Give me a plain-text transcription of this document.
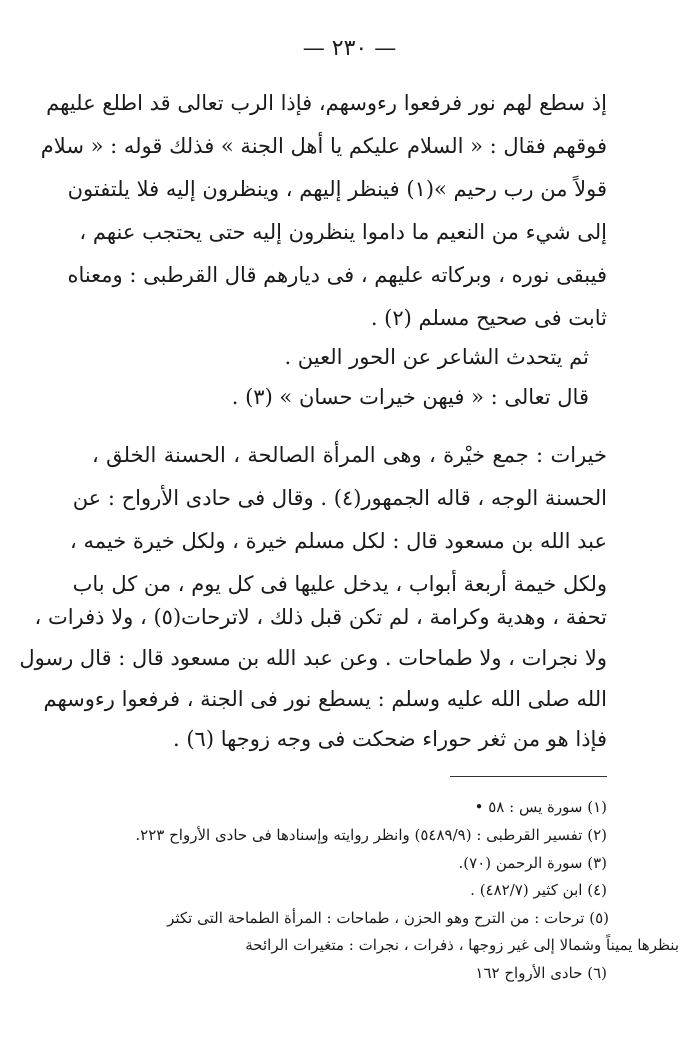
— ٢٣٠ —
إذ سطع لهم نور فرفعوا رءوسهم، فإذا الرب تعالى قد اطلع عليهم
فوقهم فقال : « السلام عليكم يا أهل الجنة » فذلك قوله : « سلام
قولاً من رب رحيم »(١) فينظر إليهم ، وينظرون إليه فلا يلتفتون
إلى شيء من النعيم ما داموا ينظرون إليه حتى يحتجب عنهم ،
فيبقى نوره ، وبركاته عليهم ، فى ديارهم قال القرطبى : ومعناه
ثابت فى صحيح مسلم (٢) .
ثم يتحدث الشاعر عن الحور العين .
قال تعالى : « فيهن خيرات حسان » (٣) .
خيرات : جمع خيْرة ، وهى المرأة الصالحة ، الحسنة الخلق ،
الحسنة الوجه ، قاله الجمهور(٤) . وقال فى حادى الأرواح : عن
عبد الله بن مسعود قال : لكل مسلم خيرة ، ولكل خيرة خيمه ،
ولكل خيمة أربعة أبواب ، يدخل عليها فى كل يوم ، من كل باب
تحفة ، وهدية وكرامة ، لم تكن قبل ذلك ، لاترحات(٥) ، ولا ذفرات ،
ولا نجرات ، ولا طماحات . وعن عبد الله بن مسعود قال : قال رسول
الله صلى الله عليه وسلم : يسطع نور فى الجنة ، فرفعوا رءوسهم
فإذا هو من ثغر حوراء ضحكت فى وجه زوجها (٦) .
(١) سورة يس : ٥٨ •
(٢) تفسير القرطبى : (٥٤٨٩/٩) وانظر روايته وإسنادها فى حادى الأرواح ٢٢٣.
(٣) سورة الرحمن (٧٠).
(٤) ابن كثير (٤٨٢/٧) .
(٥) ترحات : من الترح وهو الحزن ، طماحات : المرأة الطماحة التى تكثر
بنظرها يميناً وشمالا إلى غير زوجها ، ذفرات ، نجرات : متغيرات الرائحة
(٦) حادى الأرواح ١٦٢
